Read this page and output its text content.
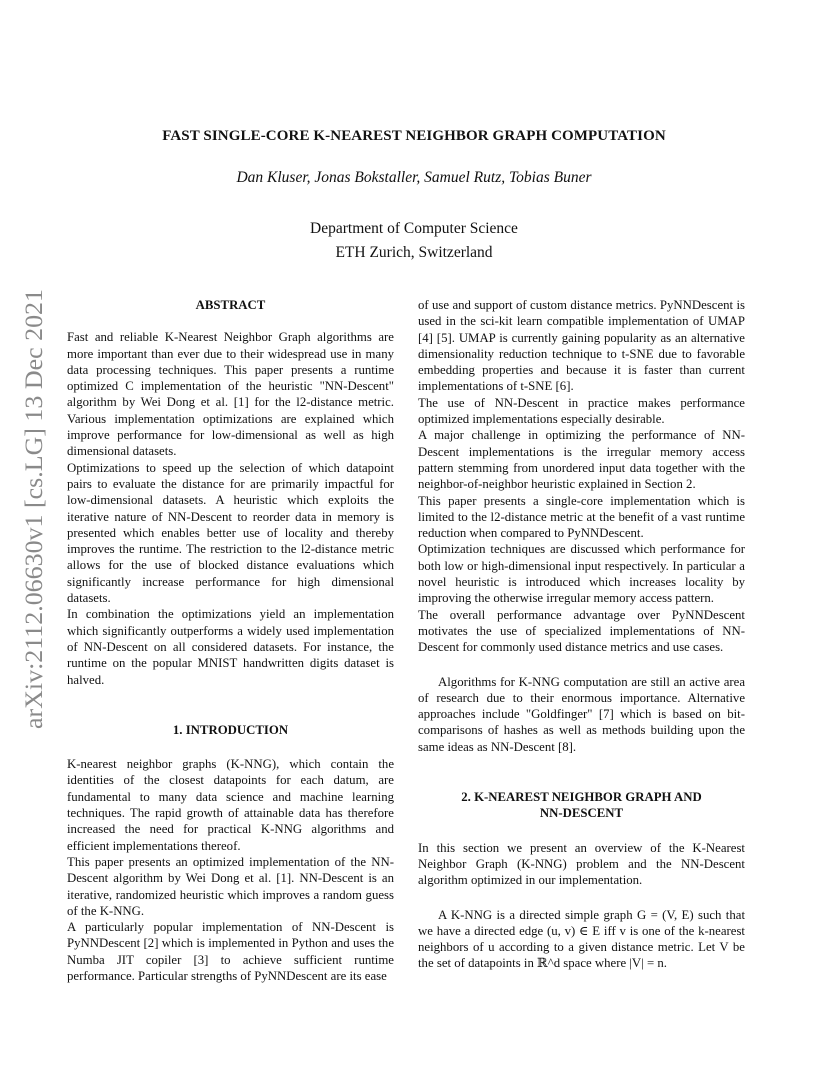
FAST SINGLE-CORE K-NEAREST NEIGHBOR GRAPH COMPUTATION
Dan Kluser, Jonas Bokstaller, Samuel Rutz, Tobias Buner
Department of Computer Science
ETH Zurich, Switzerland
arXiv:2112.06630v1 [cs.LG] 13 Dec 2021	ABSTRACT

Fast and reliable K-Nearest Neighbor Graph algorithms are more important than ever due to their widespread use in many data processing techniques. This paper presents a runtime optimized C implementation of the heuristic "NN-Descent" algorithm by Wei Dong et al. [1] for the l2-distance metric. Various implementation optimizations are explained which improve performance for low-dimensional as well as high dimensional datasets.

Optimizations to speed up the selection of which datapoint pairs to evaluate the distance for are primarily impactful for low-dimensional datasets. A heuristic which exploits the iterative nature of NN-Descent to reorder data in memory is presented which enables better use of locality and thereby improves the runtime. The restriction to the l2-distance metric allows for the use of blocked distance evaluations which significantly increase performance for high dimensional datasets.

In combination the optimizations yield an implementation which significantly outperforms a widely used implementation of NN-Descent on all considered datasets. For instance, the runtime on the popular MNIST handwritten digits dataset is halved.

1. INTRODUCTION

K-nearest neighbor graphs (K-NNG), which contain the identities of the closest datapoints for each datum, are fundamental to many data science and machine learning techniques. The rapid growth of attainable data has therefore increased the need for practical K-NNG algorithms and efficient implementations thereof.

This paper presents an optimized implementation of the NN-Descent algorithm by Wei Dong et al. [1]. NN-Descent is an iterative, randomized heuristic which improves a random guess of the K-NNG.

A particularly popular implementation of NN-Descent is PyNNDescent [2] which is implemented in Python and uses the Numba JIT copiler [3] to achieve sufficient runtime performance. Particular strengths of PyNNDescent are its ease

of use and support of custom distance metrics. PyNNDescent is used in the sci-kit learn compatible implementation of UMAP [4] [5]. UMAP is currently gaining popularity as an alternative dimensionality reduction technique to t-SNE due to favorable embedding properties and because it is faster than current implementations of t-SNE [6].

The use of NN-Descent in practice makes performance optimized implementations especially desirable.

A major challenge in optimizing the performance of NN-Descent implementations is the irregular memory access pattern stemming from unordered input data together with the neighbor-of-neighbor heuristic explained in Section 2.

This paper presents a single-core implementation which is limited to the l2-distance metric at the benefit of a vast runtime reduction when compared to PyNNDescent.

Optimization techniques are discussed which performance for both low or high-dimensional input respectively. In particular a novel heuristic is introduced which increases locality by improving the otherwise irregular memory access pattern.

The overall performance advantage over PyNNDescent motivates the use of specialized implementations of NN-Descent for commonly used distance metrics and use cases.

Algorithms for K-NNG computation are still an active area of research due to their enormous importance. Alternative approaches include "Goldfinger" [7] which is based on bit-comparisons of hashes as well as methods building upon the same ideas as NN-Descent [8].

2. K-NEAREST NEIGHBOR GRAPH AND
NN-DESCENT

In this section we present an overview of the K-Nearest Neighbor Graph (K-NNG) problem and the NN-Descent algorithm optimized in our implementation.

A K-NNG is a directed simple graph G = (V, E) such that we have a directed edge (u, v) ∈ E iff v is one of the k-nearest neighbors of u according to a given distance metric. Let V be the set of datapoints in ℝ^d space where |V| = n.
